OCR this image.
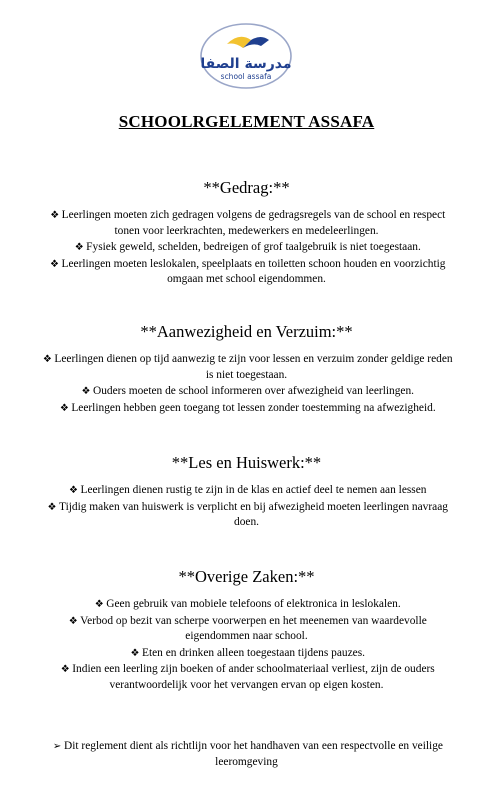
مدرسة الصفا
school assafa
SCHOOLRGELEMENT ASSAFA
**Gedrag:**
❖ Leerlingen moeten zich gedragen volgens de gedragsregels van de school en respect tonen voor leerkrachten, medewerkers en medeleerlingen.
❖ Fysiek geweld, schelden, bedreigen of grof taalgebruik is niet toegestaan.
❖ Leerlingen moeten leslokalen, speelplaats en toiletten schoon houden en voorzichtig omgaan met school eigendommen.
**Aanwezigheid en Verzuim:**
❖ Leerlingen dienen op tijd aanwezig te zijn voor lessen en verzuim zonder geldige reden is niet toegestaan.
❖ Ouders moeten de school informeren over afwezigheid van leerlingen.
❖ Leerlingen hebben geen toegang tot lessen zonder toestemming na afwezigheid.
**Les en Huiswerk:**
❖ Leerlingen dienen rustig te zijn in de klas en actief deel te nemen aan lessen
❖ Tijdig maken van huiswerk is verplicht en bij afwezigheid moeten leerlingen navraag doen.
**Overige Zaken:**
❖ Geen gebruik van mobiele telefoons of elektronica in leslokalen.
❖ Verbod op bezit van scherpe voorwerpen en het meenemen van waardevolle eigendommen naar school.
❖ Eten en drinken alleen toegestaan tijdens pauzes.
❖ Indien een leerling zijn boeken of ander schoolmateriaal verliest, zijn de ouders verantwoordelijk voor het vervangen ervan op eigen kosten.
➢ Dit reglement dient als richtlijn voor het handhaven van een respectvolle en veilige leeromgeving
